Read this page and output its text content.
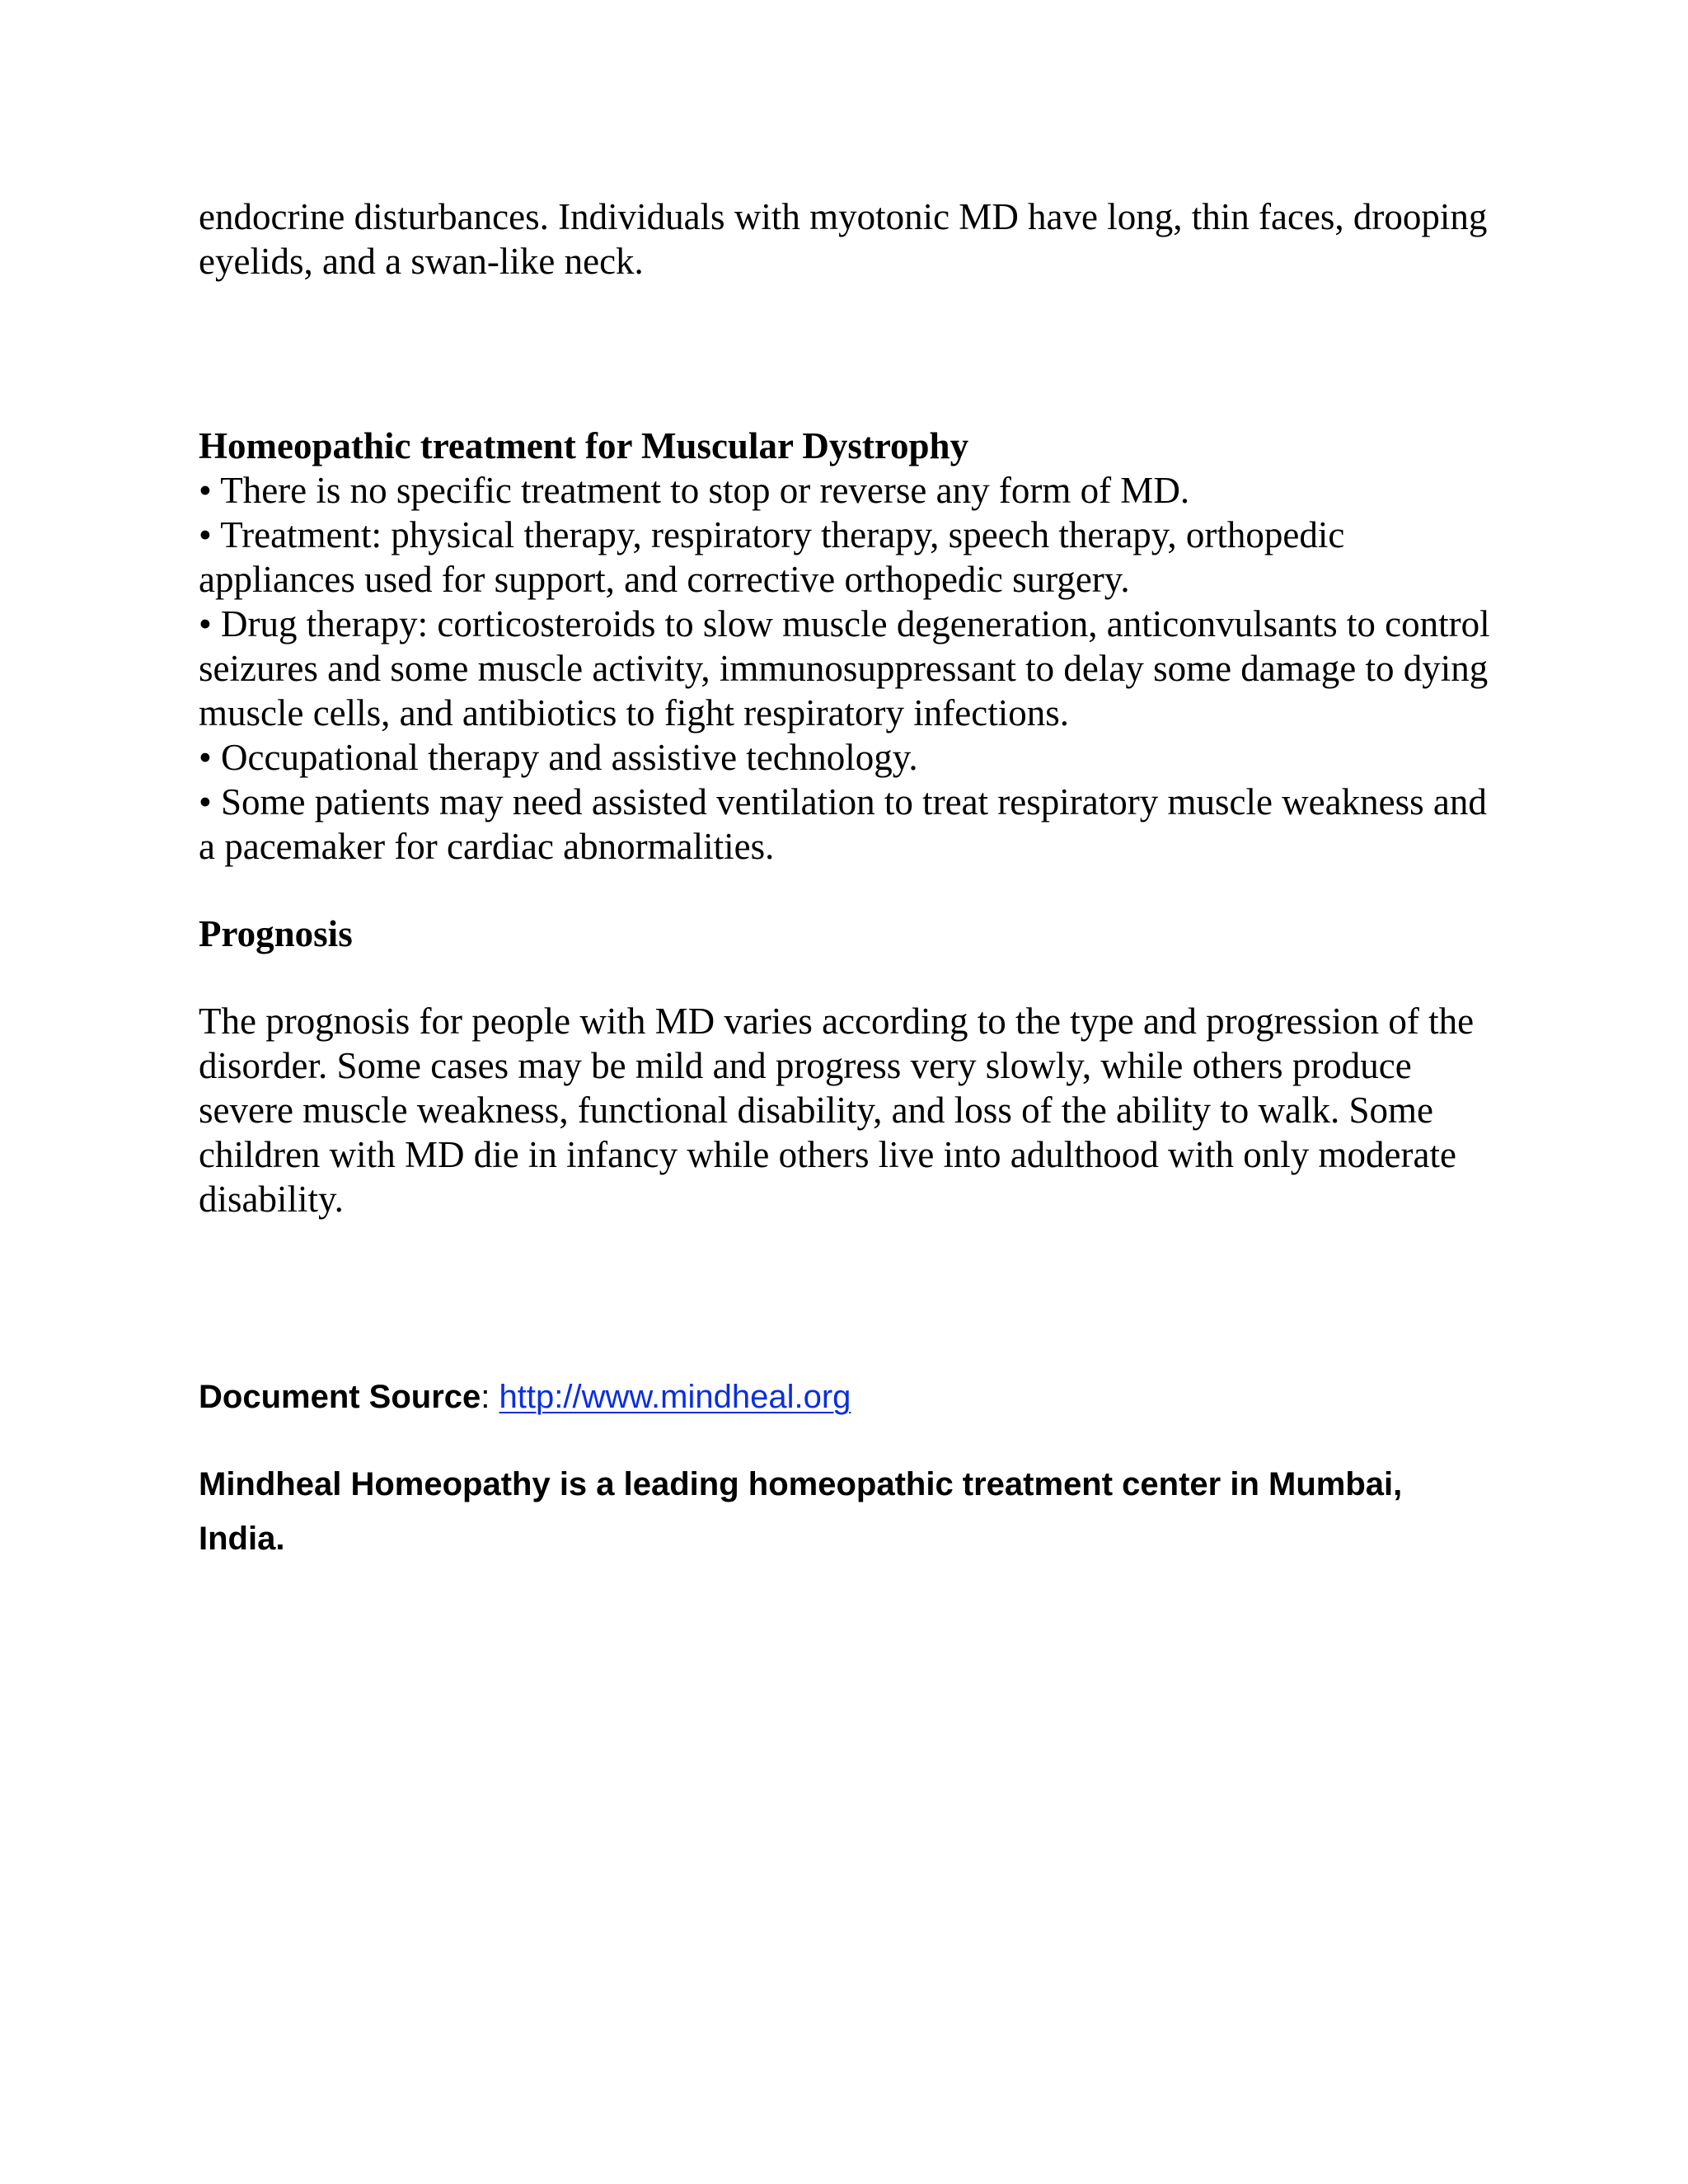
endocrine disturbances. Individuals with myotonic MD have long, thin faces, drooping eyelids, and a swan-like neck.

Homeopathic treatment for Muscular Dystrophy
• There is no specific treatment to stop or reverse any form of MD.
• Treatment: physical therapy, respiratory therapy, speech therapy, orthopedic appliances used for support, and corrective orthopedic surgery.
• Drug therapy: corticosteroids to slow muscle degeneration, anticonvulsants to control seizures and some muscle activity, immunosuppressant to delay some damage to dying muscle cells, and antibiotics to fight respiratory infections.
• Occupational therapy and assistive technology.
• Some patients may need assisted ventilation to treat respiratory muscle weakness and a pacemaker for cardiac abnormalities.
Prognosis

The prognosis for people with MD varies according to the type and progression of the disorder. Some cases may be mild and progress very slowly, while others produce severe muscle weakness, functional disability, and loss of the ability to walk. Some children with MD die in infancy while others live into adulthood with only moderate disability.

Document Source: http://www.mindheal.org

Mindheal Homeopathy is a leading homeopathic treatment center in Mumbai, India.
